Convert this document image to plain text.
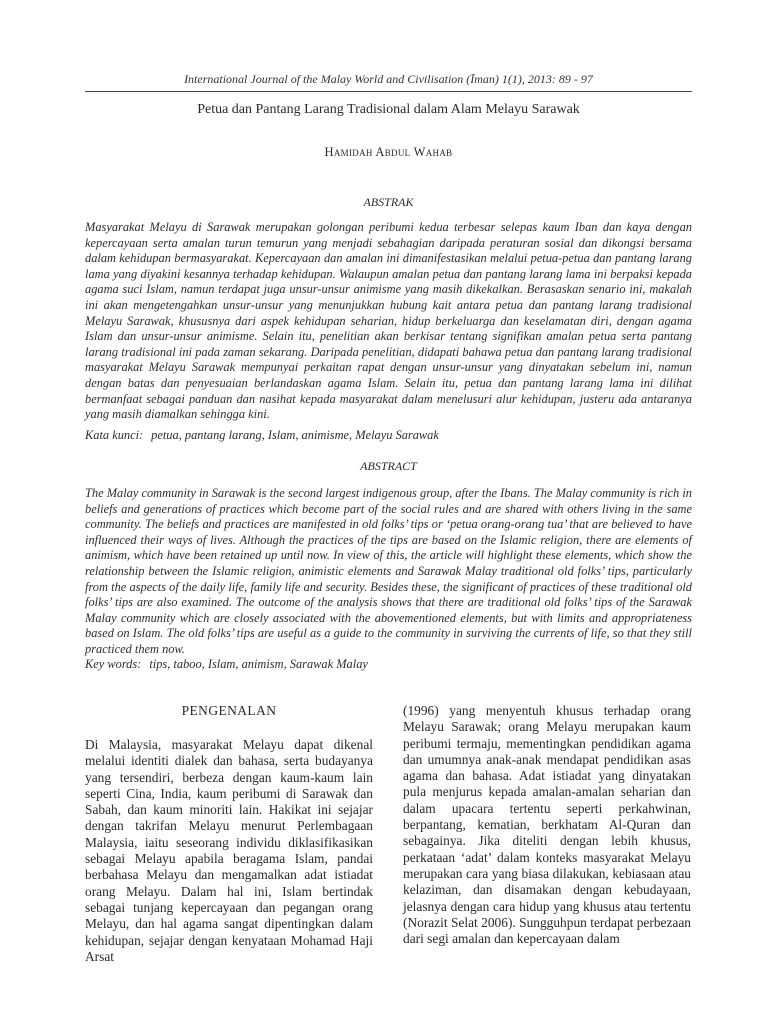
International Journal of the Malay World and Civilisation (Īman) 1(1), 2013: 89 - 97
Petua dan Pantang Larang Tradisional dalam Alam Melayu Sarawak
Hamidah Abdul Wahab
ABSTRAK
Masyarakat Melayu di Sarawak merupakan golongan peribumi kedua terbesar selepas kaum Iban dan kaya dengan kepercayaan serta amalan turun temurun yang menjadi sebahagian daripada peraturan sosial dan dikongsi bersama dalam kehidupan bermasyarakat. Kepercayaan dan amalan ini dimanifestasikan melalui petua-petua dan pantang larang lama yang diyakini kesannya terhadap kehidupan. Walaupun amalan petua dan pantang larang lama ini berpaksi kepada agama suci Islam, namun terdapat juga unsur-unsur animisme yang masih dikekalkan. Berasaskan senario ini, makalah ini akan mengetengahkan unsur-unsur yang menunjukkan hubung kait antara petua dan pantang larang tradisional Melayu Sarawak, khususnya dari aspek kehidupan seharian, hidup berkeluarga dan keselamatan diri, dengan agama Islam dan unsur-unsur animisme. Selain itu, penelitian akan berkisar tentang signifikan amalan petua serta pantang larang tradisional ini pada zaman sekarang. Daripada penelitian, didapati bahawa petua dan pantang larang tradisional masyarakat Melayu Sarawak mempunyai perkaitan rapat dengan unsur-unsur yang dinyatakan sebelum ini, namun dengan batas dan penyesuaian berlandaskan agama Islam. Selain itu, petua dan pantang larang lama ini dilihat bermanfaat sebagai panduan dan nasihat kepada masyarakat dalam menelusuri alur kehidupan, justeru ada antaranya yang masih diamalkan sehingga kini.
Kata kunci: petua, pantang larang, Islam, animisme, Melayu Sarawak
ABSTRACT
The Malay community in Sarawak is the second largest indigenous group, after the Ibans. The Malay community is rich in beliefs and generations of practices which become part of the social rules and are shared with others living in the same community. The beliefs and practices are manifested in old folks’ tips or ‘petua orang-orang tua’ that are believed to have influenced their ways of lives. Although the practices of the tips are based on the Islamic religion, there are elements of animism, which have been retained up until now. In view of this, the article will highlight these elements, which show the relationship between the Islamic religion, animistic elements and Sarawak Malay traditional old folks’ tips, particularly from the aspects of the daily life, family life and security. Besides these, the significant of practices of these traditional old folks’ tips are also examined. The outcome of the analysis shows that there are traditional old folks’ tips of the Sarawak Malay community which are closely associated with the abovementioned elements, but with limits and appropriateness based on Islam. The old folks’ tips are useful as a guide to the community in surviving the currents of life, so that they still practiced them now.
Key words: tips, taboo, Islam, animism, Sarawak Malay
PENGENALAN

Di Malaysia, masyarakat Melayu dapat dikenal melalui identiti dialek dan bahasa, serta budayanya yang tersendiri, berbeza dengan kaum-kaum lain seperti Cina, India, kaum peribumi di Sarawak dan Sabah, dan kaum minoriti lain. Hakikat ini sejajar dengan takrifan Melayu menurut Perlembagaan Malaysia, iaitu seseorang individu diklasifikasikan sebagai Melayu apabila beragama Islam, pandai berbahasa Melayu dan mengamalkan adat istiadat orang Melayu. Dalam hal ini, Islam bertindak sebagai tunjang kepercayaan dan pegangan orang Melayu, dan hal agama sangat dipentingkan dalam kehidupan, sejajar dengan kenyataan Mohamad Haji Arsat

(1996) yang menyentuh khusus terhadap orang Melayu Sarawak; orang Melayu merupakan kaum peribumi termaju, mementingkan pendidikan agama dan umumnya anak-anak mendapat pendidikan asas agama dan bahasa. Adat istiadat yang dinyatakan pula menjurus kepada amalan-amalan seharian dan dalam upacara tertentu seperti perkahwinan, berpantang, kematian, berkhatam Al-Quran dan sebagainya. Jika diteliti dengan lebih khusus, perkataan ‘adat’ dalam konteks masyarakat Melayu merupakan cara yang biasa dilakukan, kebiasaan atau kelaziman, dan disamakan dengan kebudayaan, jelasnya dengan cara hidup yang khusus atau tertentu (Norazit Selat 2006). Sungguhpun terdapat perbezaan dari segi amalan dan kepercayaan dalam
